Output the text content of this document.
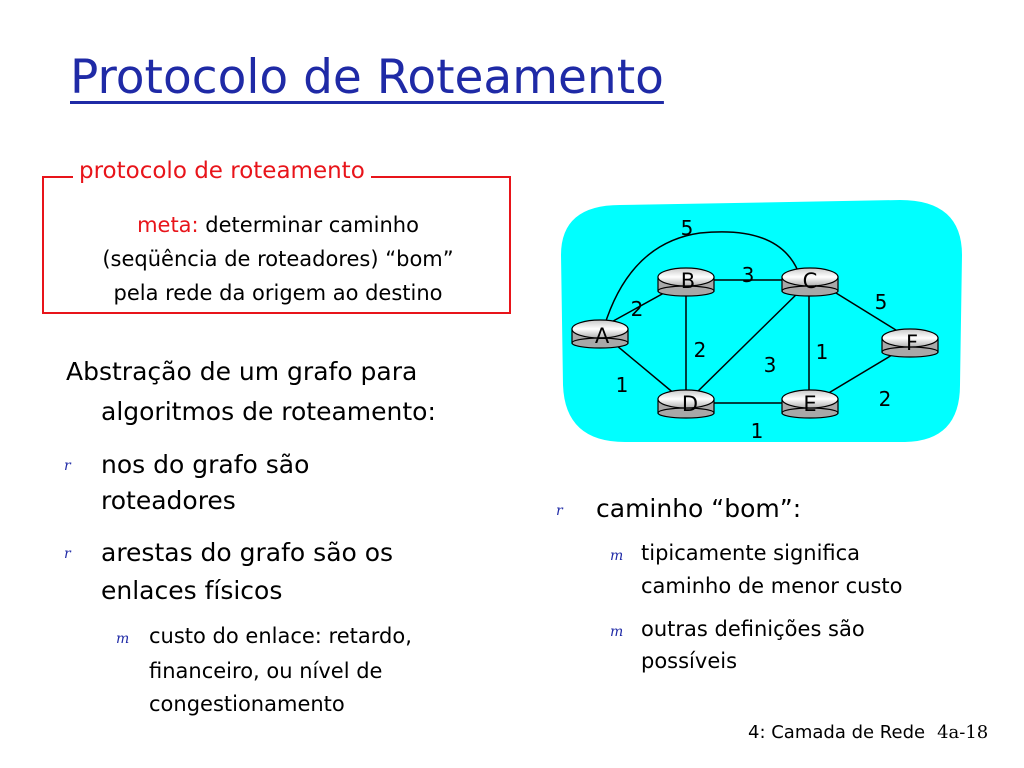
Protocolo de Roteamento
protocolo de roteamento
meta: determinar caminho
(seqüência de roteadores) “bom”
pela rede da origem ao destino
Abstração de um grafo para
algoritmos de roteamento:
r nos do grafo são
roteadores
r arestas do grafo são os
enlaces físicos
m custo do enlace: retardo,
financeiro, ou nível de
congestionamento
r caminho “bom”:
m tipicamente significa
caminho de menor custo
m outras definições são
possíveis
A
B	C
F
D	E
5
3
2	5
2	1
3
1
2
1
4: Camada de Rede 4a-18
